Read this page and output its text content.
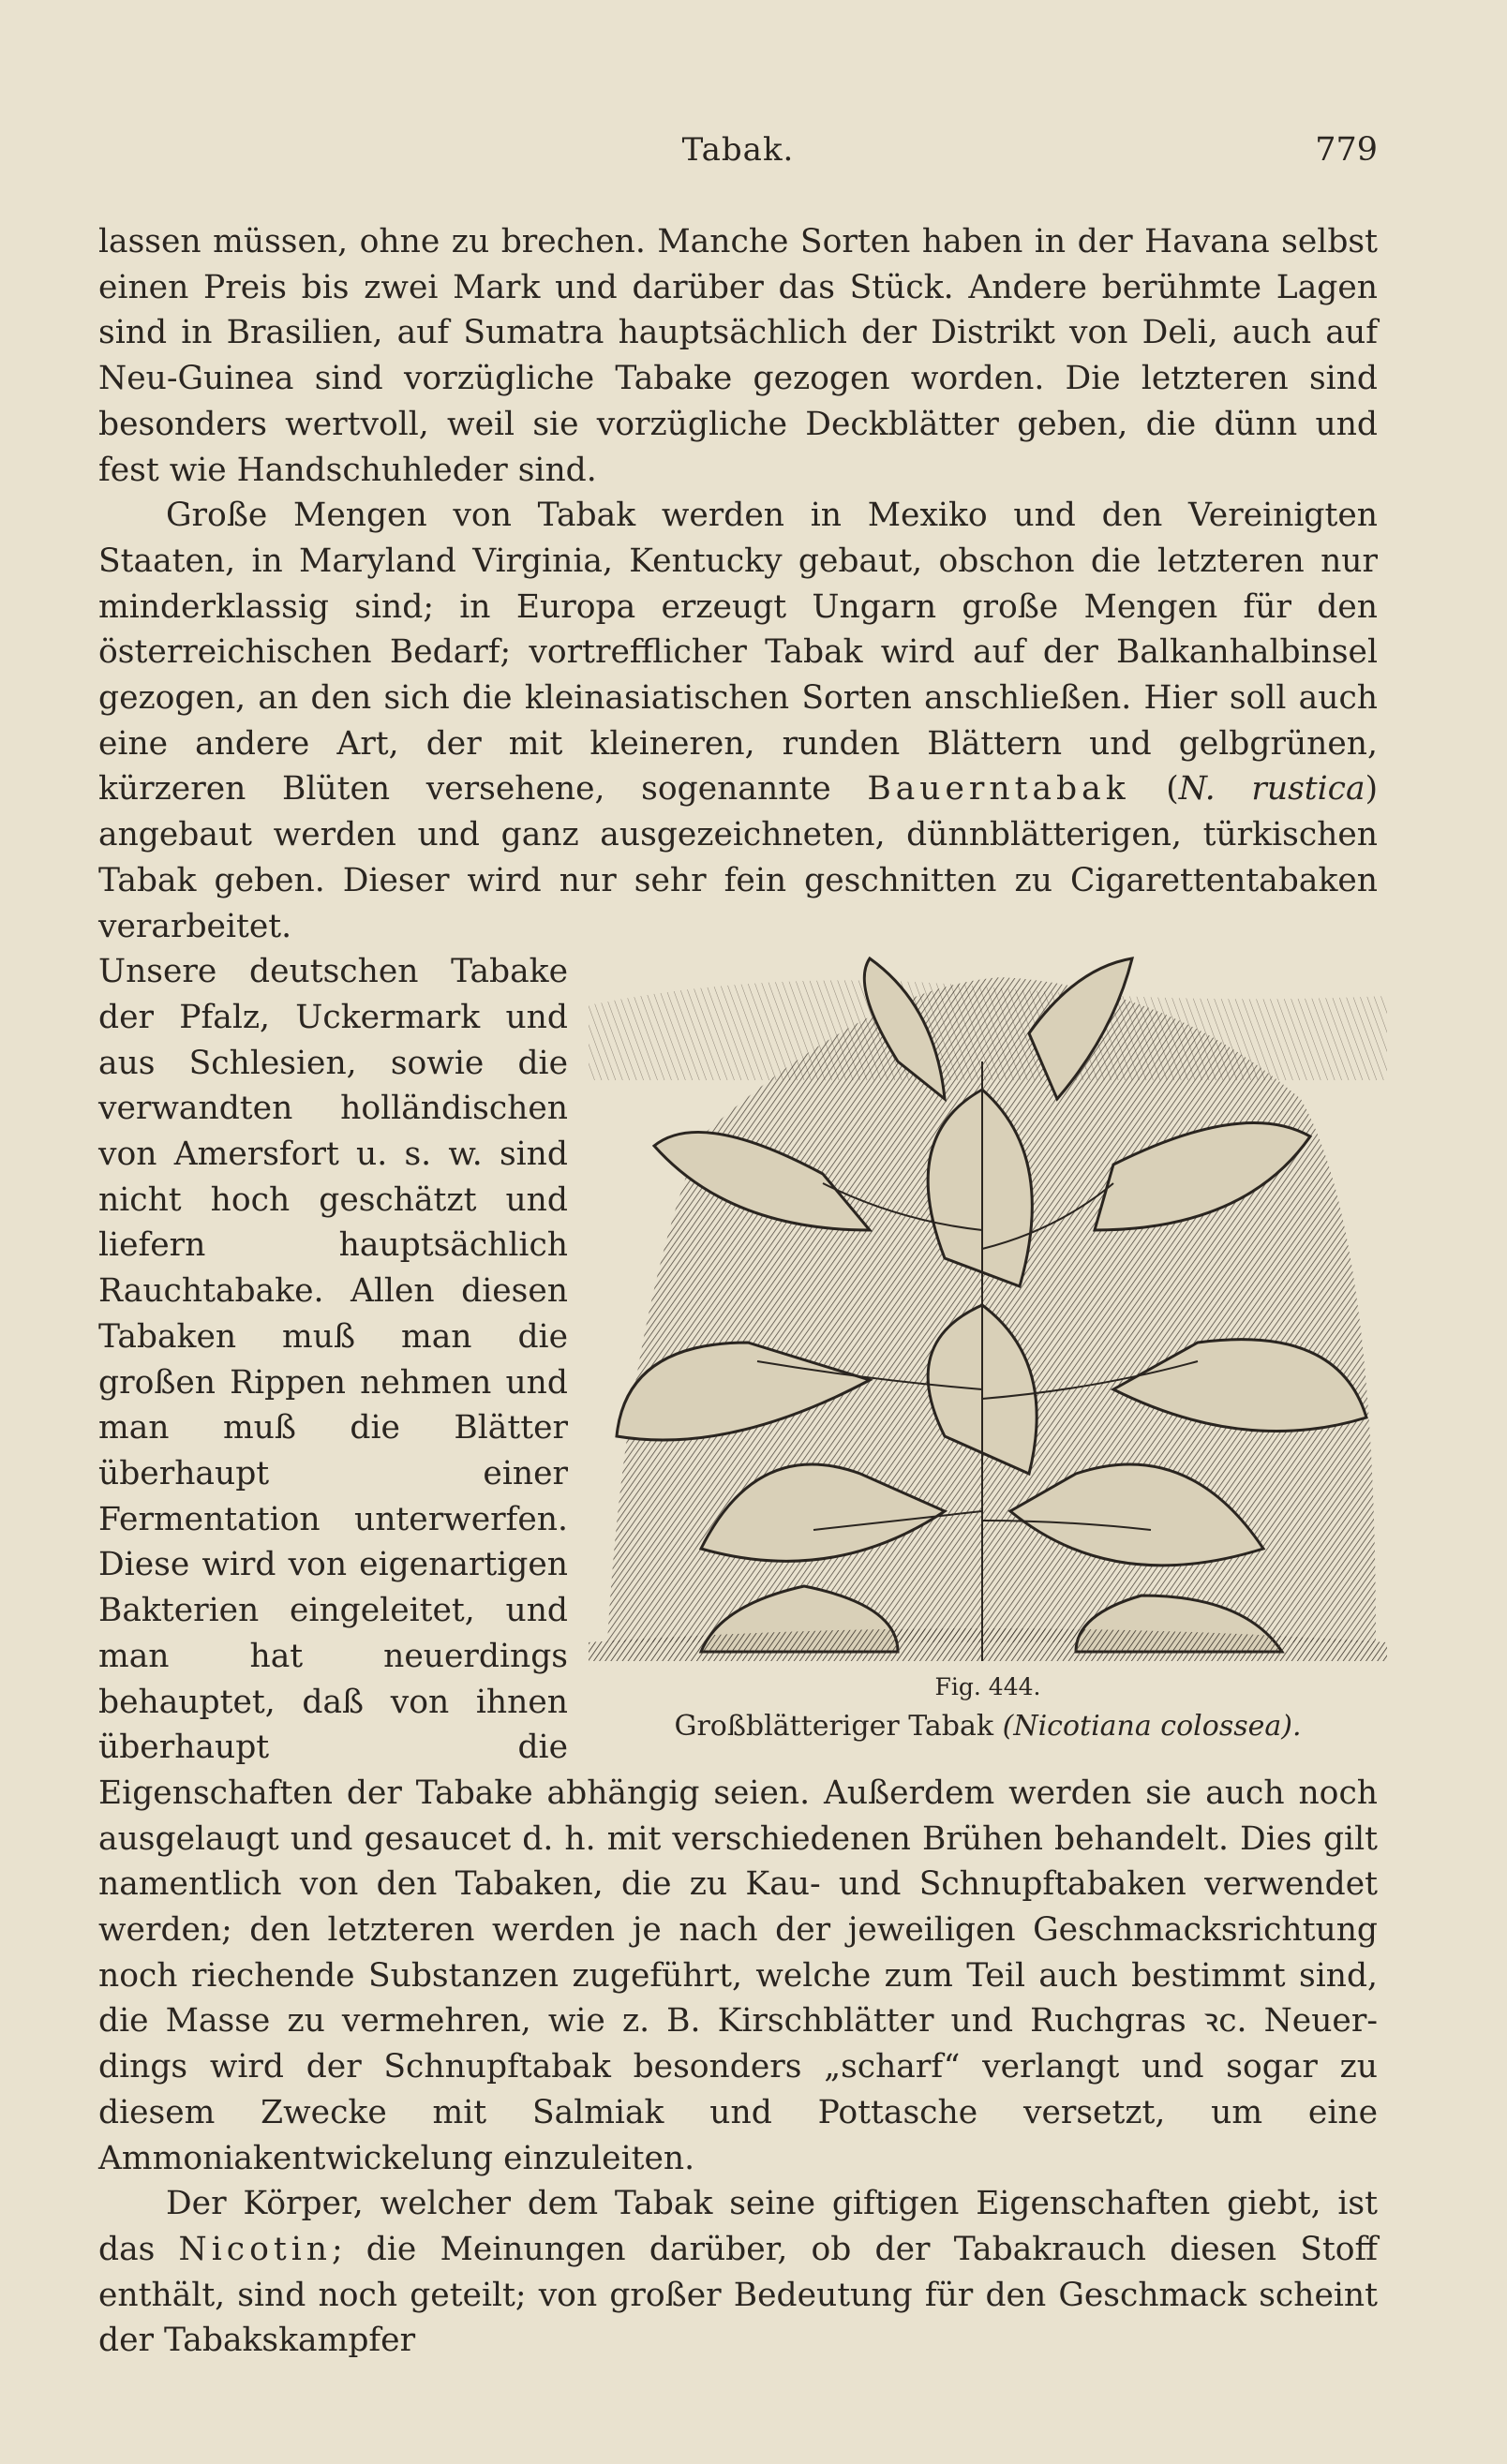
Tabak.	779

lassen müssen, ohne zu brechen. Manche Sorten haben in der Havana selbst einen Preis bis zwei Mark und darüber das Stück. Andere berühmte Lagen sind in Brasilien, auf Sumatra hauptsächlich der Distrikt von Deli, auch auf Neu-Guinea sind vorzügliche Tabake gezogen worden. Die letzteren sind besonders wertvoll, weil sie vorzügliche Deckblätter geben, die dünn und fest wie Handschuhleder sind.

Große Mengen von Tabak werden in Mexiko und den Vereinigten Staaten, in Maryland Virginia, Kentucky gebaut, obschon die letzteren nur minderklassig sind; in Europa erzeugt Ungarn große Mengen für den österreichischen Bedarf; vortrefflicher Tabak wird auf der Balkanhalbinsel gezogen, an den sich die kleinasiatischen Sorten anschließen. Hier soll auch eine andere Art, der mit kleineren, runden Blättern und gelbgrünen, kürzeren Blüten versehene, sogenannte Bauerntabak (N. rustica) angebaut werden und ganz ausgezeichneten, dünnblätterigen, türkischen Tabak geben. Dieser wird nur sehr fein geschnitten zu Cigarettentabaken verarbeitet.

Fig. 444.
Großblätteriger Tabak (Nicotiana colossea).

Unsere deutschen Tabake der Pfalz, Uckermark und aus Schlesien, sowie die verwandten holländischen von Amersfort u. s. w. sind nicht hoch geschätzt und liefern hauptsächlich Rauchtabake. Allen diesen Tabaken muß man die großen Rippen nehmen und man muß die Blätter überhaupt einer Fermentation unterwerfen. Diese wird von eigenartigen Bakterien eingeleitet, und man hat neuerdings behauptet, daß von ihnen überhaupt die Eigenschaften der Tabake abhängig seien. Außerdem werden sie auch noch ausgelaugt und gesaucet d. h. mit verschiedenen Brühen behandelt. Dies gilt namentlich von den Tabaken, die zu Kau- und Schnupftabaken verwendet werden; den letzteren werden je nach der jeweiligen Geschmacksrichtung noch riechende Substanzen zugeführt, welche zum Teil auch bestimmt sind, die Masse zu vermehren, wie z. B. Kirschblätter und Ruchgras ꝛc. Neuerdings wird der Schnupftabak besonders „scharf“ verlangt und sogar zu diesem Zwecke mit Salmiak und Pottasche versetzt, um eine Ammoniakentwickelung einzuleiten.

Der Körper, welcher dem Tabak seine giftigen Eigenschaften giebt, ist das Nicotin; die Meinungen darüber, ob der Tabakrauch diesen Stoff enthält, sind noch geteilt; von großer Bedeutung für den Geschmack scheint der Tabakskampfer
